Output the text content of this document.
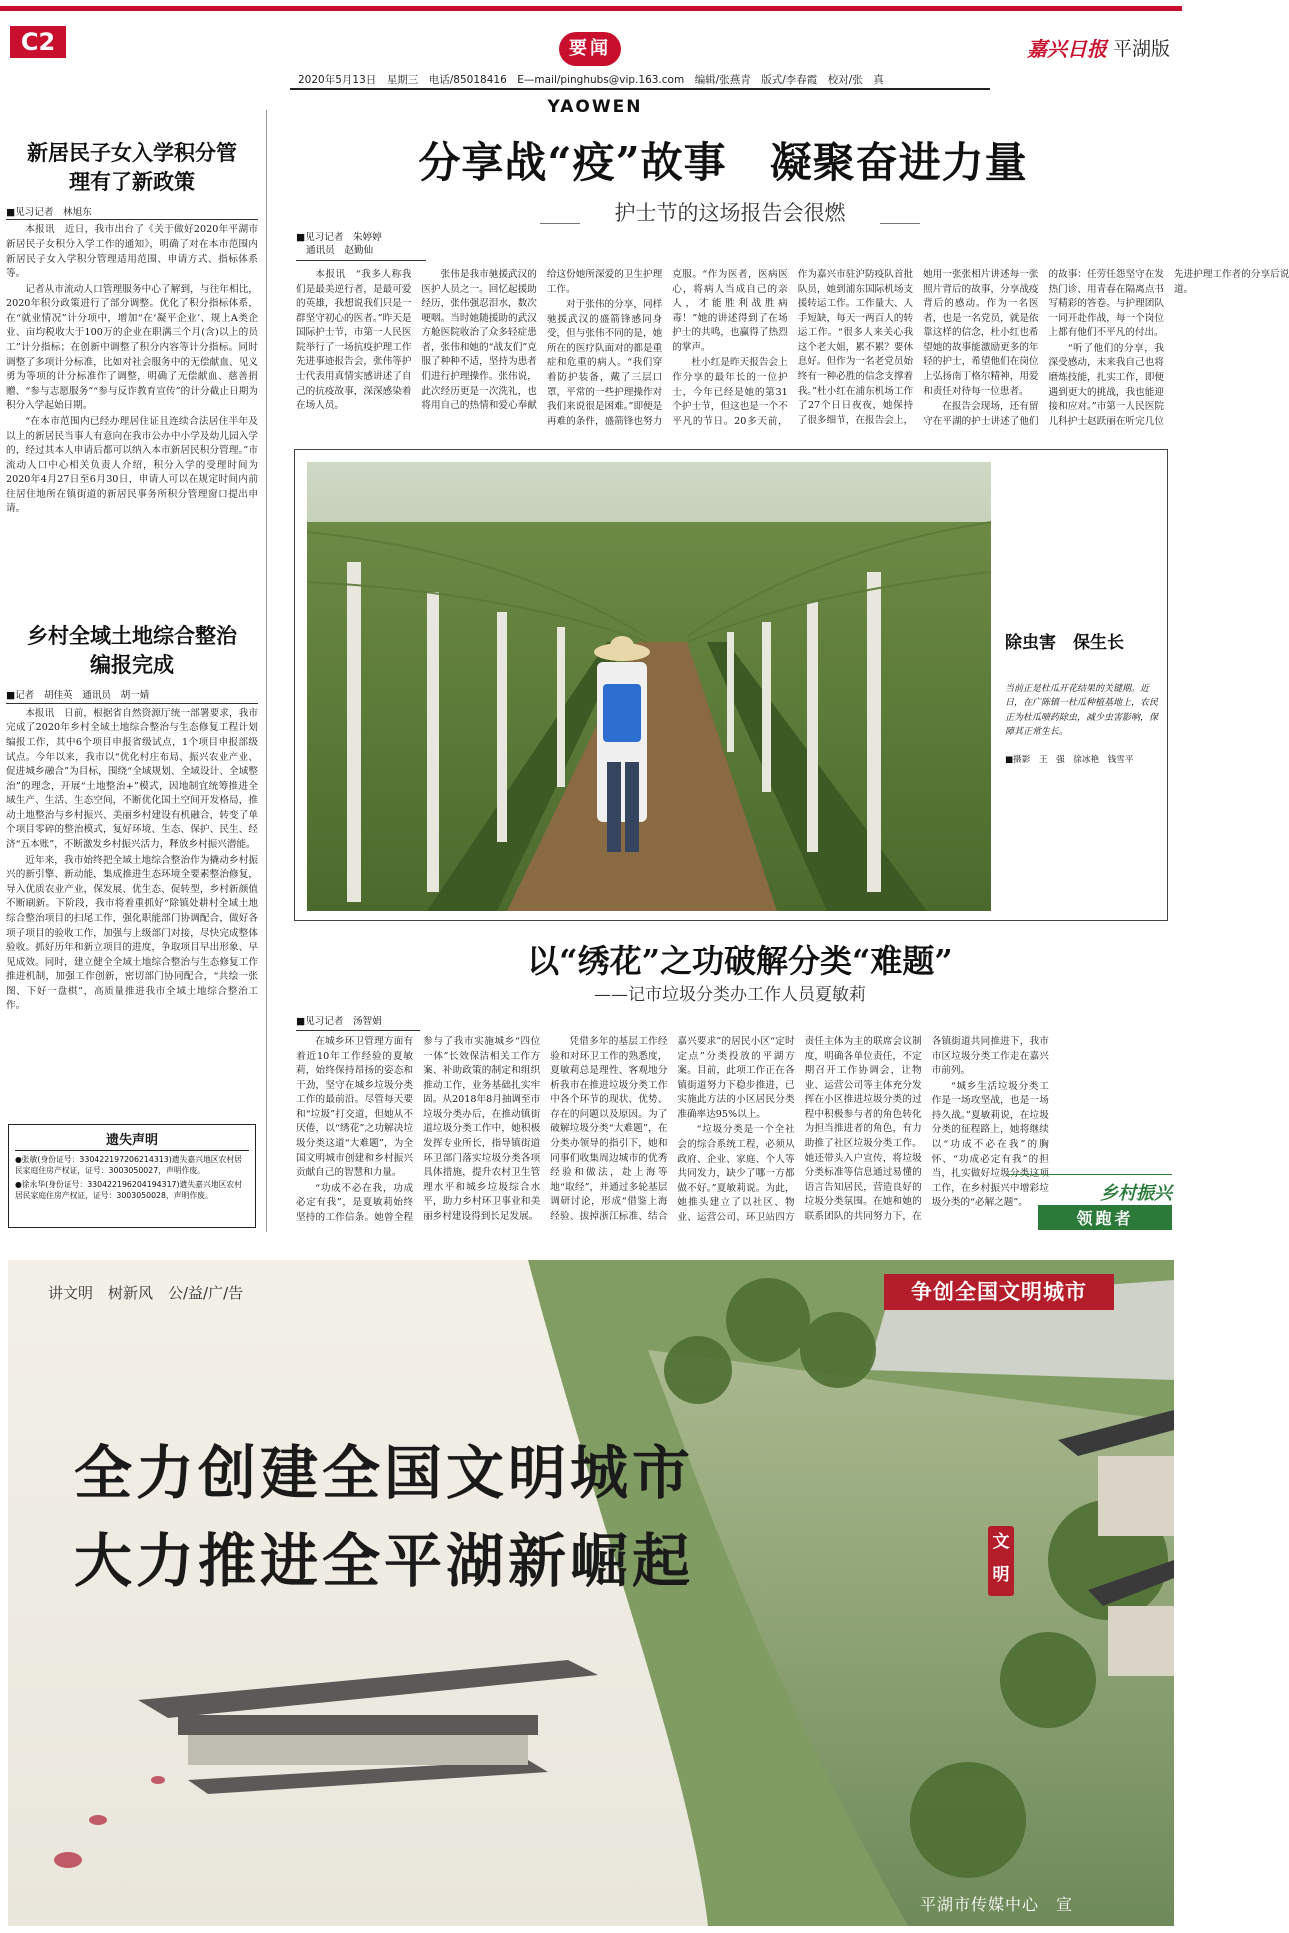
C2	要闻	嘉兴日报 平湖版
2020年5月13日　星期三　电话/85018416　E—mail/pinghubs@vip.163.com　编辑/张燕青　版式/李春霞　校对/张　真
YAOWEN
新居民子女入学积分管理有了新政策
■见习记者　林旭东

本报讯　近日，我市出台了《关于做好2020年平湖市新居民子女积分入学工作的通知》，明确了对在本市范围内新居民子女入学积分管理适用范围、申请方式、指标体系等。

记者从市流动人口管理服务中心了解到，与往年相比，2020年积分政策进行了部分调整。优化了积分指标体系，在“就业情况”计分项中，增加“在‘凝平企业’、规上A类企业、亩均税收大于100万的企业在职满三个月(含)以上的员工”计分指标；在创新中调整了积分内容等计分指标。同时调整了多项计分标准，比如对社会服务中的无偿献血、见义勇为等项的计分标准作了调整，明确了无偿献血、慈善捐赠、“参与志愿服务”“参与反诈教育宣传”的计分截止日期为积分入学起始日期。

“在本市范围内已经办理居住证且连续合法居住半年及以上的新居民当事人有意向在我市公办中小学及幼儿园入学的，经过其本人申请后都可以纳入本市新居民积分管理。”市流动人口中心相关负责人介绍，积分入学的受理时间为2020年4月27日至6月30日，申请人可以在规定时间内前往居住地所在镇街道的新居民事务所积分管理窗口提出申请。

乡村全域土地综合整治编报完成
■记者　胡佳英　通讯员　胡一婧

本报讯　日前，根据省自然资源厅统一部署要求，我市完成了2020年乡村全域土地综合整治与生态修复工程计划编报工作，其中6个项目申报省级试点，1个项目申报部级试点。今年以来，我市以“优化村庄布局、振兴农业产业、促进城乡融合”为目标，围绕“全域规划、全域设计、全域整治”的理念，开展“土地整治+”模式，因地制宜统筹推进全域生产、生活、生态空间，不断优化国土空间开发格局，推动土地整治与乡村振兴、美丽乡村建设有机融合，转变了单个项目零碎的整治模式，复好环境、生态、保护、民生、经济“五本账”，不断激发乡村振兴活力，释放乡村振兴潜能。

近年来，我市始终把全域土地综合整治作为撬动乡村振兴的新引擎、新动能，集成推进生态环境全要素整治修复，导入优质农业产业，保发展、优生态、促转型，乡村新颜值不断刷新。下阶段，我市将着重抓好“除镇处耕村全域土地综合整治项目的扫尾工作，强化职能部门协调配合，做好各项子项目的验收工作，加强与上级部门对接，尽快完成整体验收。抓好历年和新立项目的进度，争取项目早出形象、早见成效。同时，建立健全全域土地综合整治与生态修复工作推进机制，加强工作创新，密切部门协同配合，“共绘一张图、下好一盘棋”，高质量推进我市全域土地综合整治工作。

遗失声明
●张敏(身份证号：330422197206214313)遗失嘉兴地区农村居民家庭住房产权证，证号：3003050027，声明作废。
●徐永华(身份证号：330422196204194317)遗失嘉兴地区农村居民家庭住房产权证，证号：3003050028，声明作废。
分享战“疫”故事　凝聚奋进力量
护士节的这场报告会很燃
■见习记者　朱婷婷
通讯员　赵勤仙

本报讯　“我多人称我们是最美逆行者，是最可爱的英雄，我想说我们只是一群坚守初心的医者。”昨天是国际护士节，市第一人民医院举行了一场抗疫护理工作先进事迹报告会，张伟等护士代表用真情实感讲述了自己的抗疫故事，深深感染着在场人员。

张伟是我市驰援武汉的医护人员之一。回忆起援助经历，张伟强忍泪水，数次哽咽。当时她随援助的武汉方舱医院收治了众多轻症患者，张伟和她的“战友们”克服了种种不适，坚持为患者们进行护理操作。张伟说，此次经历更是一次洗礼，也将用自己的热情和爱心奉献给这份她所深爱的卫生护理工作。

对于张伟的分享，同样驰援武汉的盛箭锋感同身受，但与张伟不同的是，她所在的医疗队面对的都是重症和危重的病人。“我们穿着防护装备，戴了三层口罩，平常的一些护理操作对我们来说很是困难。”即便是再难的条件，盛箭锋也努力克服。“作为医者，医病医心，将病人当成自己的亲人，才能胜利战胜病毒！”她的讲述得到了在场护士的共鸣，也赢得了热烈的掌声。

杜小红是昨天报告会上作分享的最年长的一位护士，今年已经是她的第31个护士节，但这也是一个不平凡的节日。20多天前，作为嘉兴市驻沪防疫队首批队员，她到浦东国际机场支援转运工作。工作量大、人手短缺，每天一两百人的转运工作。“很多人来关心我这个老大姐，累不累？要休息好。但作为一名老党员始终有一种必胜的信念支撑着我。”杜小红在浦东机场工作了27个日日夜夜，她保持了很多细节，在报告会上，她用一张张相片讲述每一张照片背后的故事，分享战疫背后的感动。作为一名医者，也是一名党员，就是依靠这样的信念，杜小红也希望她的故事能激励更多的年轻的护士，希望他们在岗位上弘扬南丁格尔精神，用爱和责任对待每一位患者。

在报告会现场，还有留守在平湖的护士讲述了他们的故事：任劳任怨坚守在发热门诊、用青春在隔离点书写精彩的答卷。与护理团队一同开赴作战，每一个岗位上都有他们不平凡的付出。

“听了他们的分享，我深受感动，未来我自己也将磨炼技能，扎实工作，即便遇到更大的挑战，我也能迎接和应对。”市第一人民医院儿科护士赵跃丽在听完几位先进护理工作者的分享后说道。

除虫害　保生长
当前正是杜瓜开花结果的关键期。近日，在广陈镇一杜瓜种植基地上，农民正为杜瓜喷药除虫，减少虫害影响，保障其正常生长。
■摄影　王　强　徐冰艳　钱雪平
以“绣花”之功破解分类“难题”
——记市垃圾分类办工作人员夏敏莉
■见习记者　汤智娟

在城乡环卫管理方面有着近10年工作经验的夏敏莉，始终保持昂扬的姿态和干劲，坚守在城乡垃圾分类工作的最前沿。尽管每天要和“垃圾”打交道，但她从不厌倦，以“绣花”之功解决垃圾分类这道“大难题”，为全国文明城市创建和乡村振兴贡献自己的智慧和力量。

“功成不必在我，功成必定有我”，是夏敏莉始终坚持的工作信条。她曾全程参与了我市实施城乡“四位一体”长效保洁相关工作方案、补助政策的制定和组织推动工作，业务基础扎实牢固。从2018年8月抽调至市垃圾分类办后，在推动镇街道垃圾分类工作中，她积极发挥专业所长，指导镇街道环卫部门落实垃圾分类各项具体措施，提升农村卫生管理水平和城乡垃圾综合水平，助力乡村环卫事业和美丽乡村建设得到长足发展。

凭借多年的基层工作经验和对环卫工作的熟悉度，夏敏莉总是理性、客观地分析我市在推进垃圾分类工作中各个环节的现状、优势、存在的问题以及原因。为了破解垃圾分类“大难题”，在分类办领导的指引下，她和同事们收集周边城市的优秀经验和做法，赴上海等地“取经”，并通过多轮基层调研讨论，形成“借鉴上海经验、拔掉浙江标准、结合嘉兴要求”的居民小区“定时定点”分类投放的平湖方案。目前，此项工作正在各镇街道努力下稳步推进，已实施此方法的小区居民分类准确率达95%以上。

“垃圾分类是一个全社会的综合系统工程，必须从政府、企业、家庭、个人等共同发力，缺少了哪一方都做不好。”夏敏莉说。为此，她推头建立了以社区、物业、运营公司、环卫站四方责任主体为主的联席会议制度，明确各单位责任，不定期召开工作协调会，让物业、运营公司等主体充分发挥在小区推进垃圾分类的过程中积极参与者的角色转化为担当推进者的角色，有力助推了社区垃圾分类工作。她还带头入户宣传，将垃圾分类标准等信息通过易懂的语言告知居民，营造良好的垃圾分类氛围。在她和她的联系团队的共同努力下，在各镇街道共同推进下，我市市区垃圾分类工作走在嘉兴市前列。

“城乡生活垃圾分类工作是一场攻坚战，也是一场持久战。”夏敏莉说，在垃圾分类的征程路上，她将继续以“功成不必在我”的胸怀、“功成必定有我”的担当，扎实做好垃圾分类这项工作，在乡村振兴中增彩垃圾分类的“必解之题”。	乡村振兴
领跑者
讲文明　树新风　公/益/广/告	争创全国文明城市
全力创建全国文明城市
大力推进全平湖新崛起	文明
平湖市传媒中心　宣
